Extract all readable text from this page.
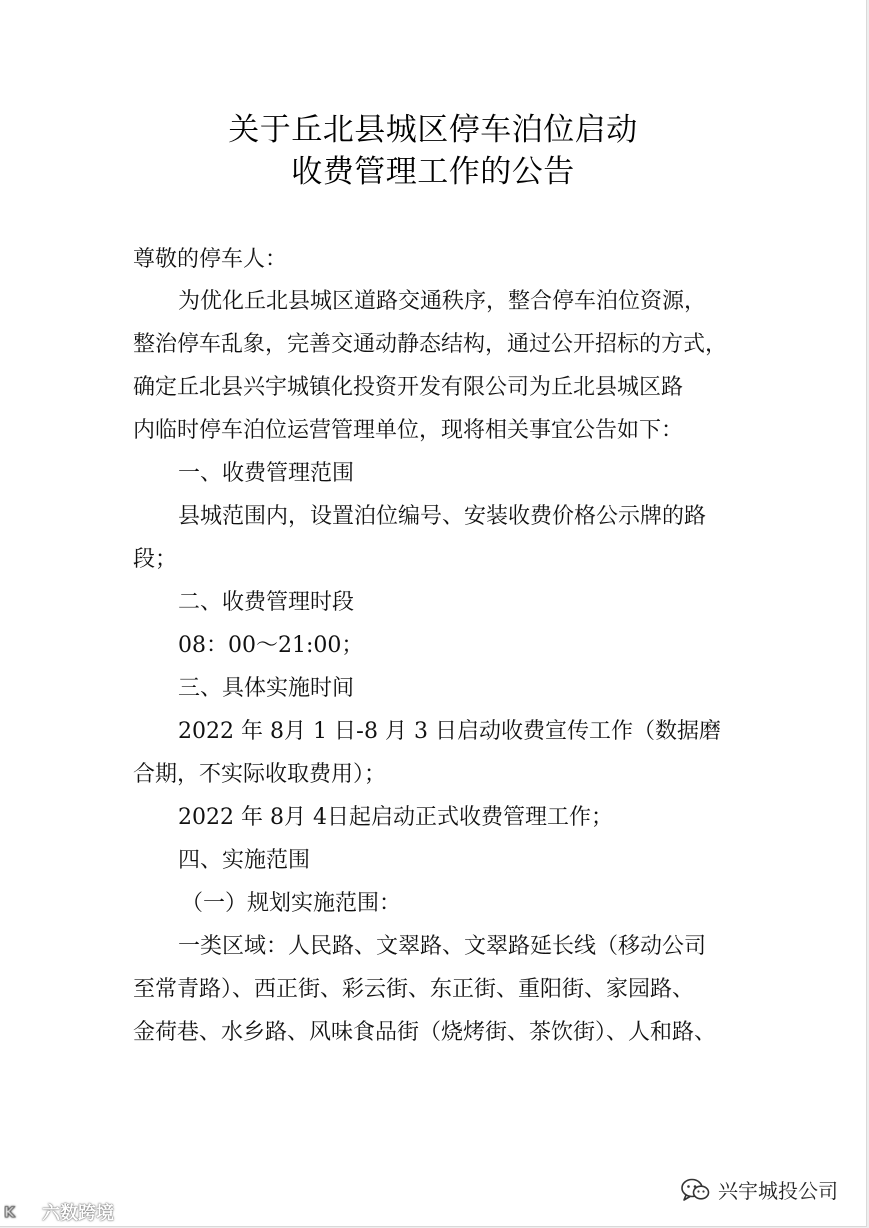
关于丘北县城区停车泊位启动
收费管理工作的公告
尊敬的停车人：
为优化丘北县城区道路交通秩序，整合停车泊位资源，
整治停车乱象，完善交通动静态结构，通过公开招标的方式，
确定丘北县兴宇城镇化投资开发有限公司为丘北县城区路
内临时停车泊位运营管理单位，现将相关事宜公告如下：
一、收费管理范围
县城范围内，设置泊位编号、安装收费价格公示牌的路
段；
二、收费管理时段
08：00～21:00；
三、具体实施时间
2022 年 8月 1 日-8 月 3 日启动收费宣传工作（数据磨
合期，不实际收取费用）；
2022 年 8月 4日起启动正式收费管理工作；
四、实施范围
（一）规划实施范围：
一类区域：人民路、文翠路、文翠路延长线（移动公司
至常青路）、西正街、彩云街、东正街、重阳街、家园路、
金荷巷、水乡路、风味食品街（烧烤街、茶饮街）、人和路、
兴宇城投公司
K 六数跨境
